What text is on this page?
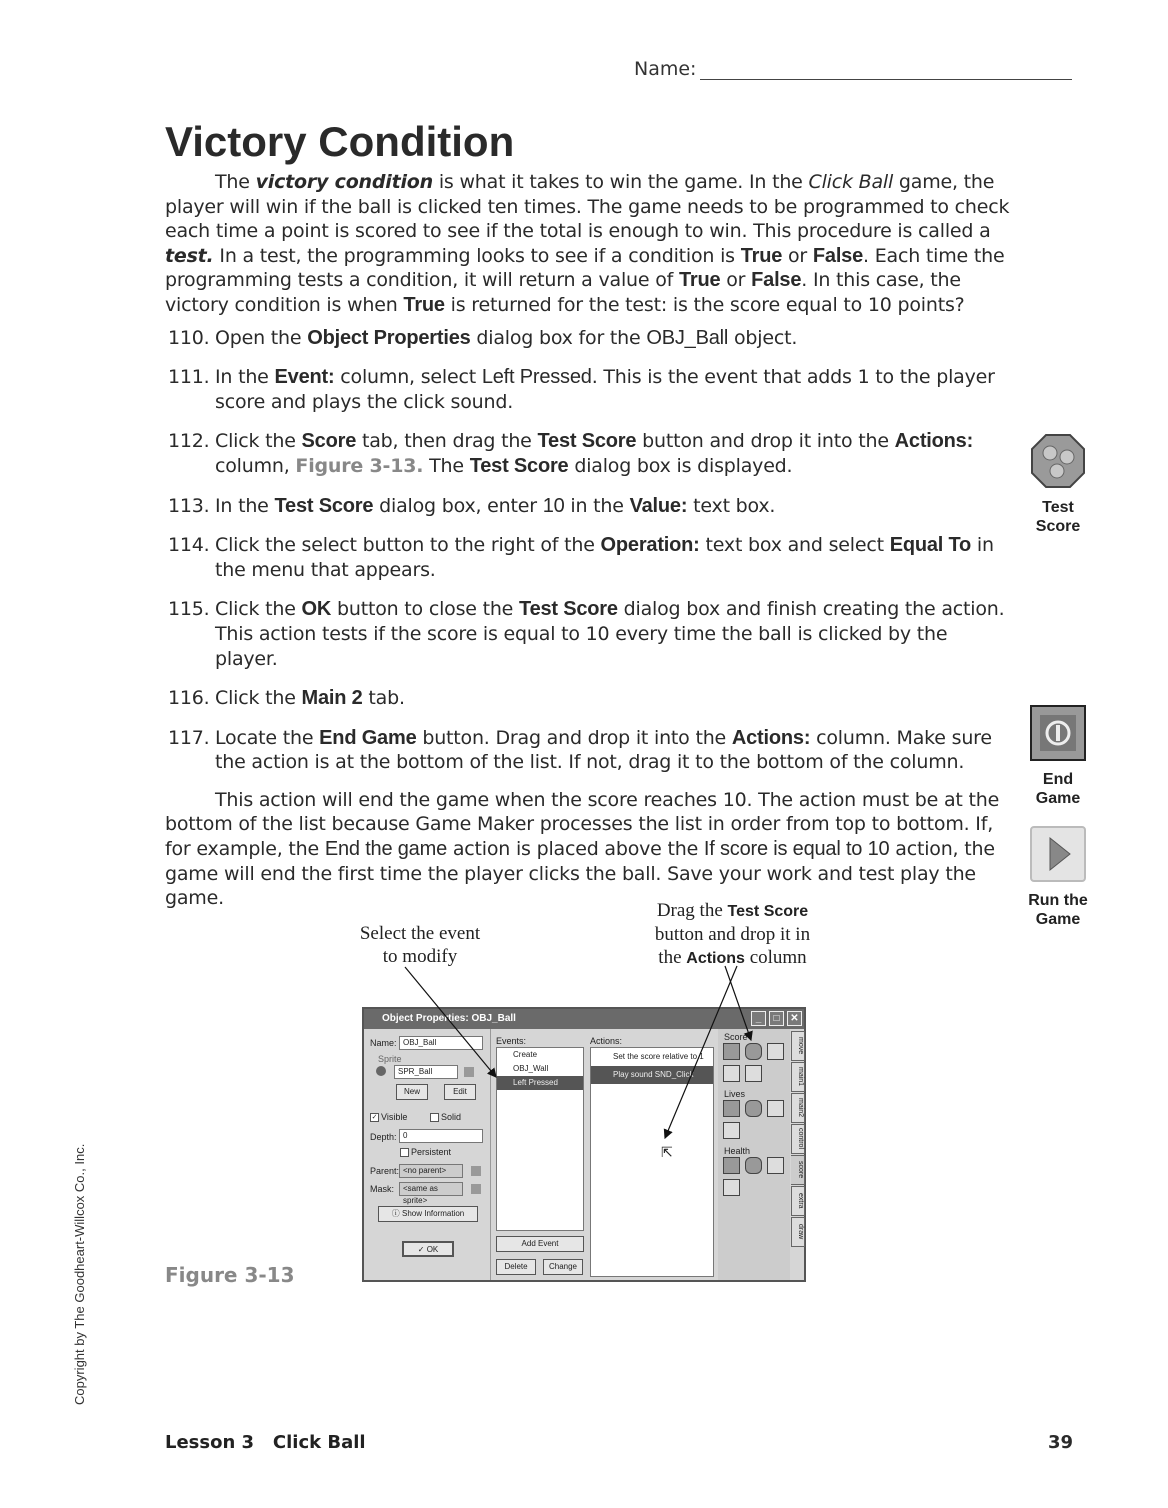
Name:
Victory Condition

The victory condition is what it takes to win the game. In the Click Ball game, the player will win if the ball is clicked ten times. The game needs to be programmed to check each time a point is scored to see if the total is enough to win. This procedure is called a test. In a test, the programming looks to see if a condition is True or False. Each time the programming tests a condition, it will return a value of True or False. In this case, the victory condition is when True is returned for the test: is the score equal to 10 points?

110. Open the Object Properties dialog box for the OBJ_Ball object.
111. In the Event: column, select Left Pressed. This is the event that adds 1 to the player score and plays the click sound.
112. Click the Score tab, then drag the Test Score button and drop it into the Actions: column, Figure 3-13. The Test Score dialog box is displayed.
113. In the Test Score dialog box, enter 10 in the Value: text box.
114. Click the select button to the right of the Operation: text box and select Equal To in the menu that appears.
115. Click the OK button to close the Test Score dialog box and finish creating the action. This action tests if the score is equal to 10 every time the ball is clicked by the player.
116. Click the Main 2 tab.
117. Locate the End Game button. Drag and drop it into the Actions: column. Make sure the action is at the bottom of the list. If not, drag it to the bottom of the column.

This action will end the game when the score reaches 10. The action must be at the bottom of the list because Game Maker processes the list in order from top to bottom. If, for example, the End the game action is placed above the If score is equal to 10 action, the game will end the first time the player clicks the ball. Save your work and test play the game.

Test
Score
End
Game
Run the
Game
Select the event
to modify
Drag the Test Score
button and drop it in
the Actions column
Object Properties: OBJ_Ball	_	□	✕
Name: OBJ_Ball
Sprite
SPR_Ball
New	Edit
✓ Visible	Solid
Depth: 0
Persistent
Parent: <no parent>
Mask:	<same as sprite>
ⓘ Show Information
✓ OK
Events:
Create
OBJ_Wall
Left Pressed
Add Event
Delete	Change
Actions:
Set the score relative to 1
Play sound SND_Click
⇱
Score
Lives
Health
move
main1
main2
control
score
extra
draw
Figure 3-13
Copyright by The Goodheart-Willcox Co., Inc.
Lesson 3 Click Ball	39
